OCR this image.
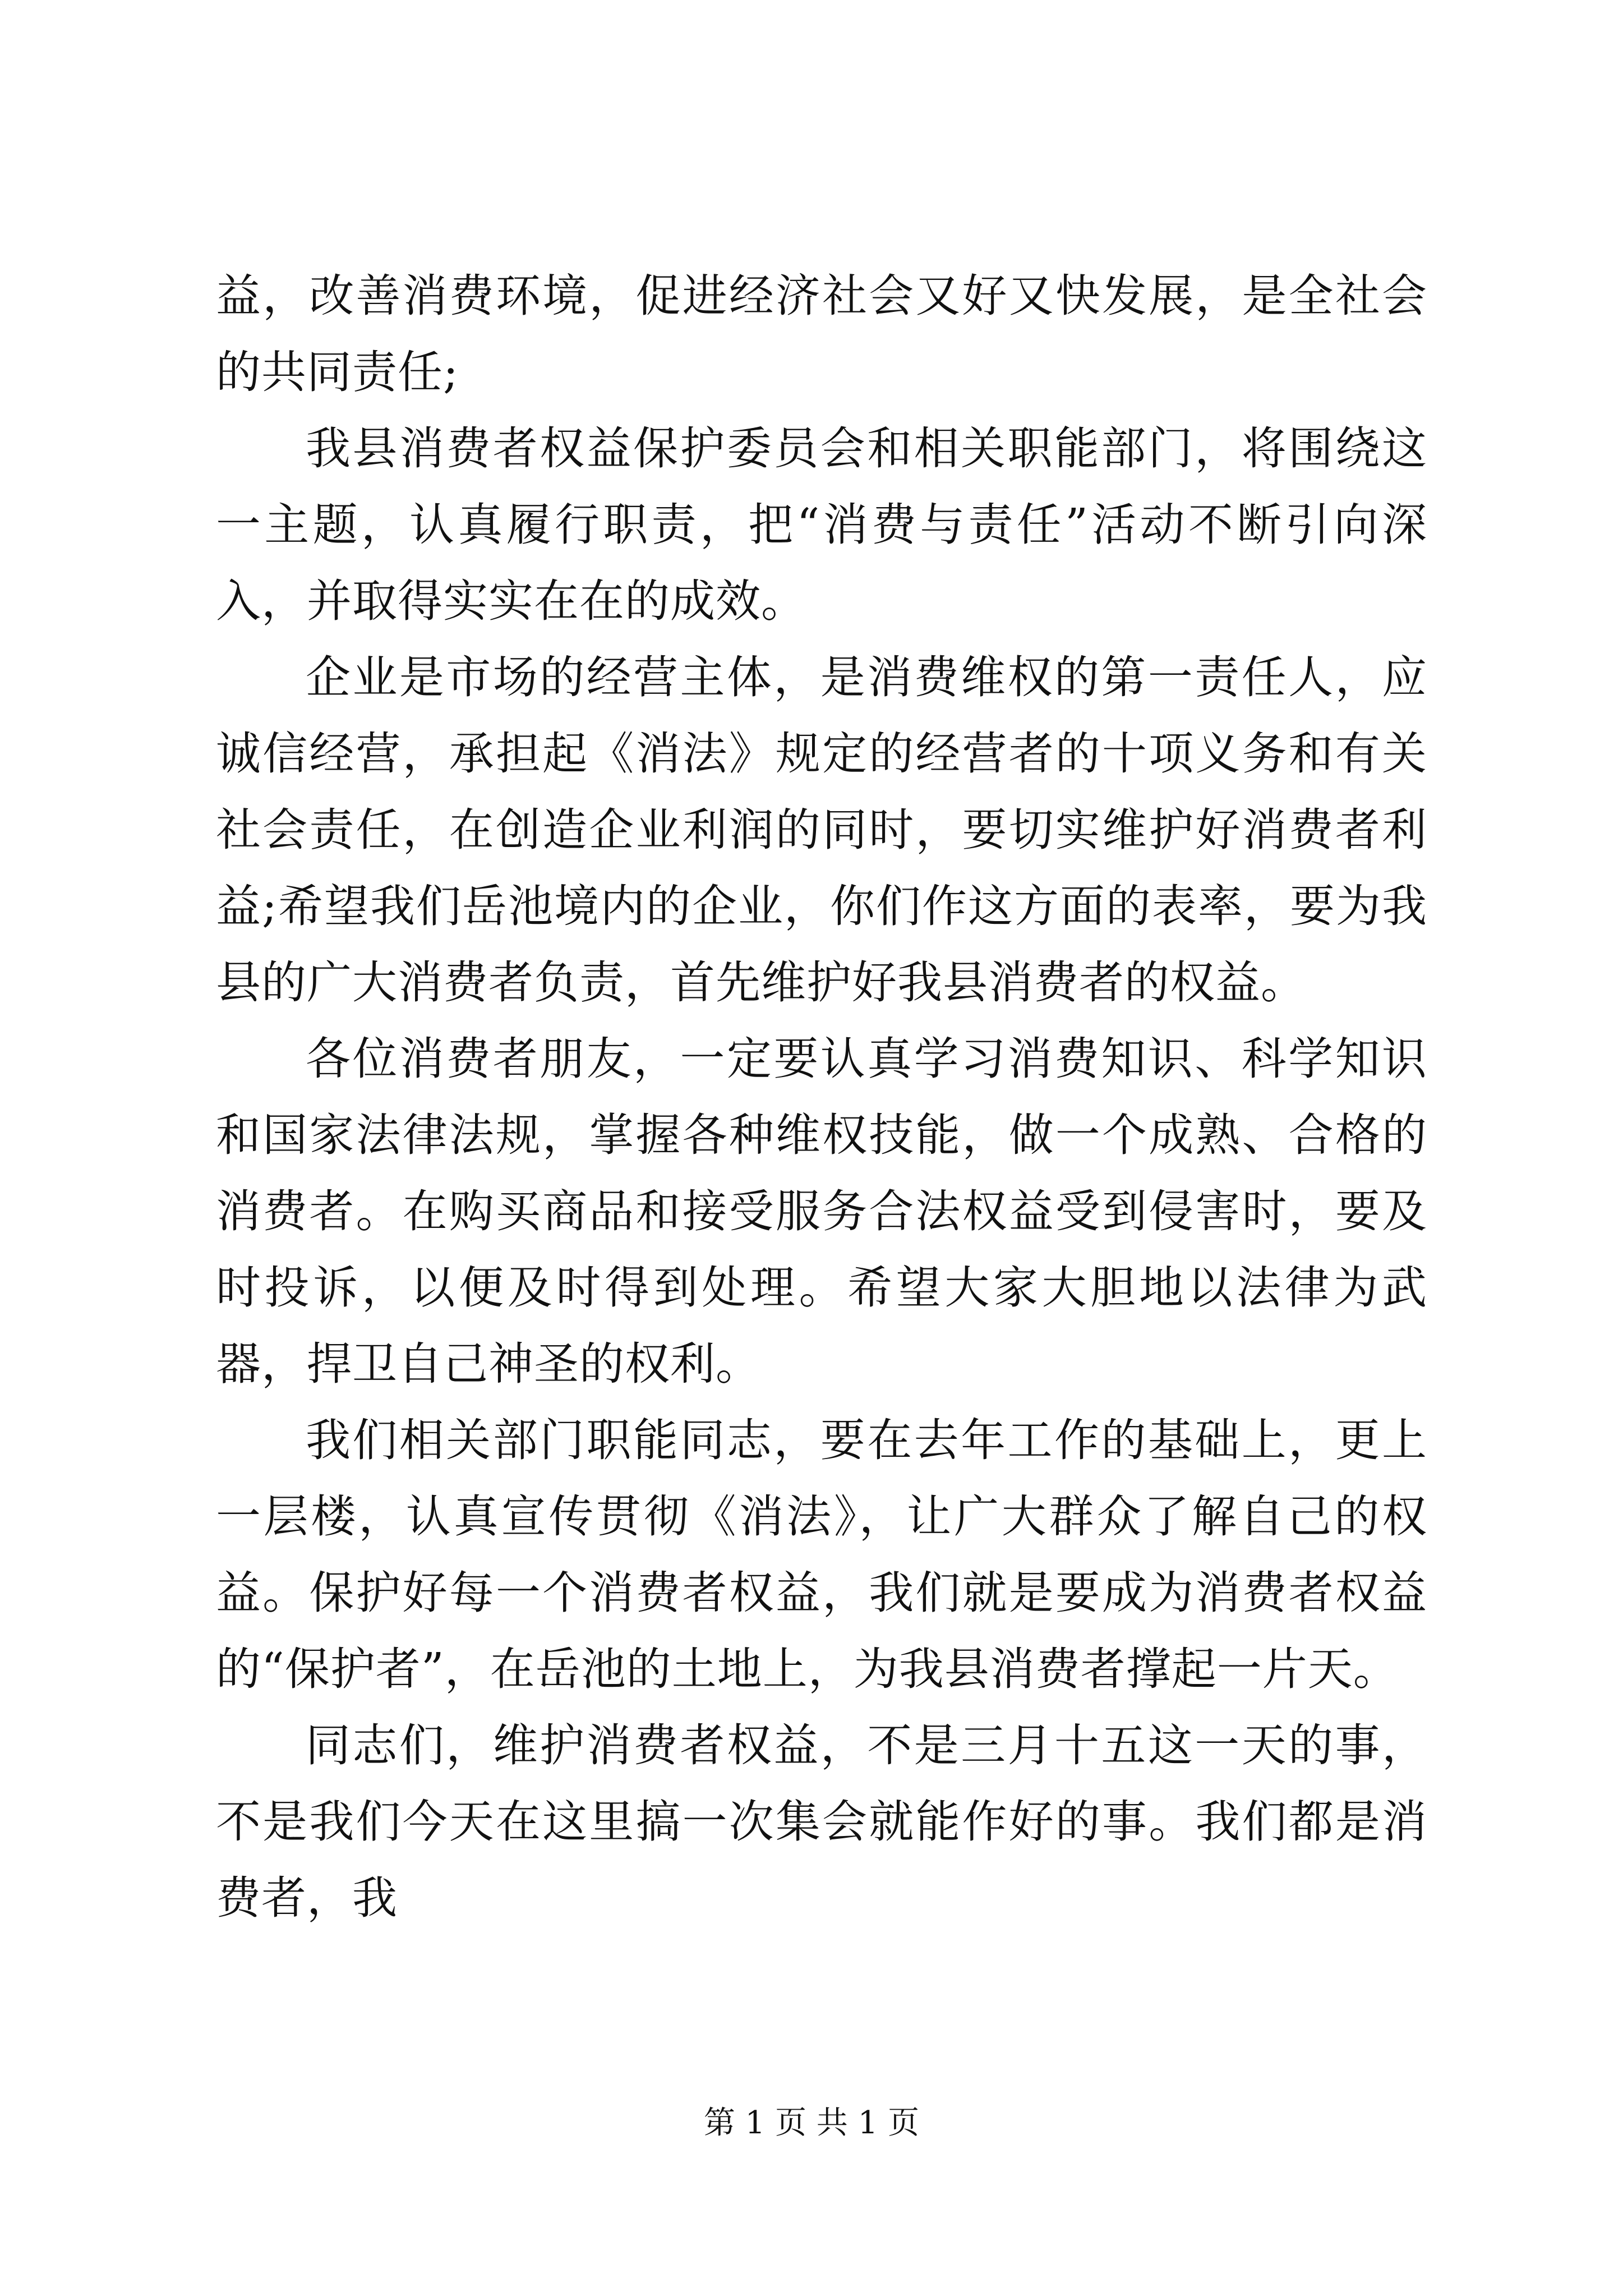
益，改善消费环境，促进经济社会又好又快发展，是全社会的共同责任;

我县消费者权益保护委员会和相关职能部门，将围绕这一主题，认真履行职责，把“消费与责任”活动不断引向深入，并取得实实在在的成效。

企业是市场的经营主体，是消费维权的第一责任人，应诚信经营，承担起《消法》规定的经营者的十项义务和有关社会责任，在创造企业利润的同时，要切实维护好消费者利益;希望我们岳池境内的企业，你们作这方面的表率，要为我县的广大消费者负责，首先维护好我县消费者的权益。

各位消费者朋友，一定要认真学习消费知识、科学知识和国家法律法规，掌握各种维权技能，做一个成熟、合格的消费者。在购买商品和接受服务合法权益受到侵害时，要及时投诉，以便及时得到处理。希望大家大胆地以法律为武器，捍卫自己神圣的权利。

我们相关部门职能同志，要在去年工作的基础上，更上一层楼，认真宣传贯彻《消法》，让广大群众了解自己的权益。保护好每一个消费者权益，我们就是要成为消费者权益的“保护者”，在岳池的土地上，为我县消费者撑起一片天。

同志们，维护消费者权益，不是三月十五这一天的事，不是我们今天在这里搞一次集会就能作好的事。我们都是消费者，我

第 1 页 共 1 页
